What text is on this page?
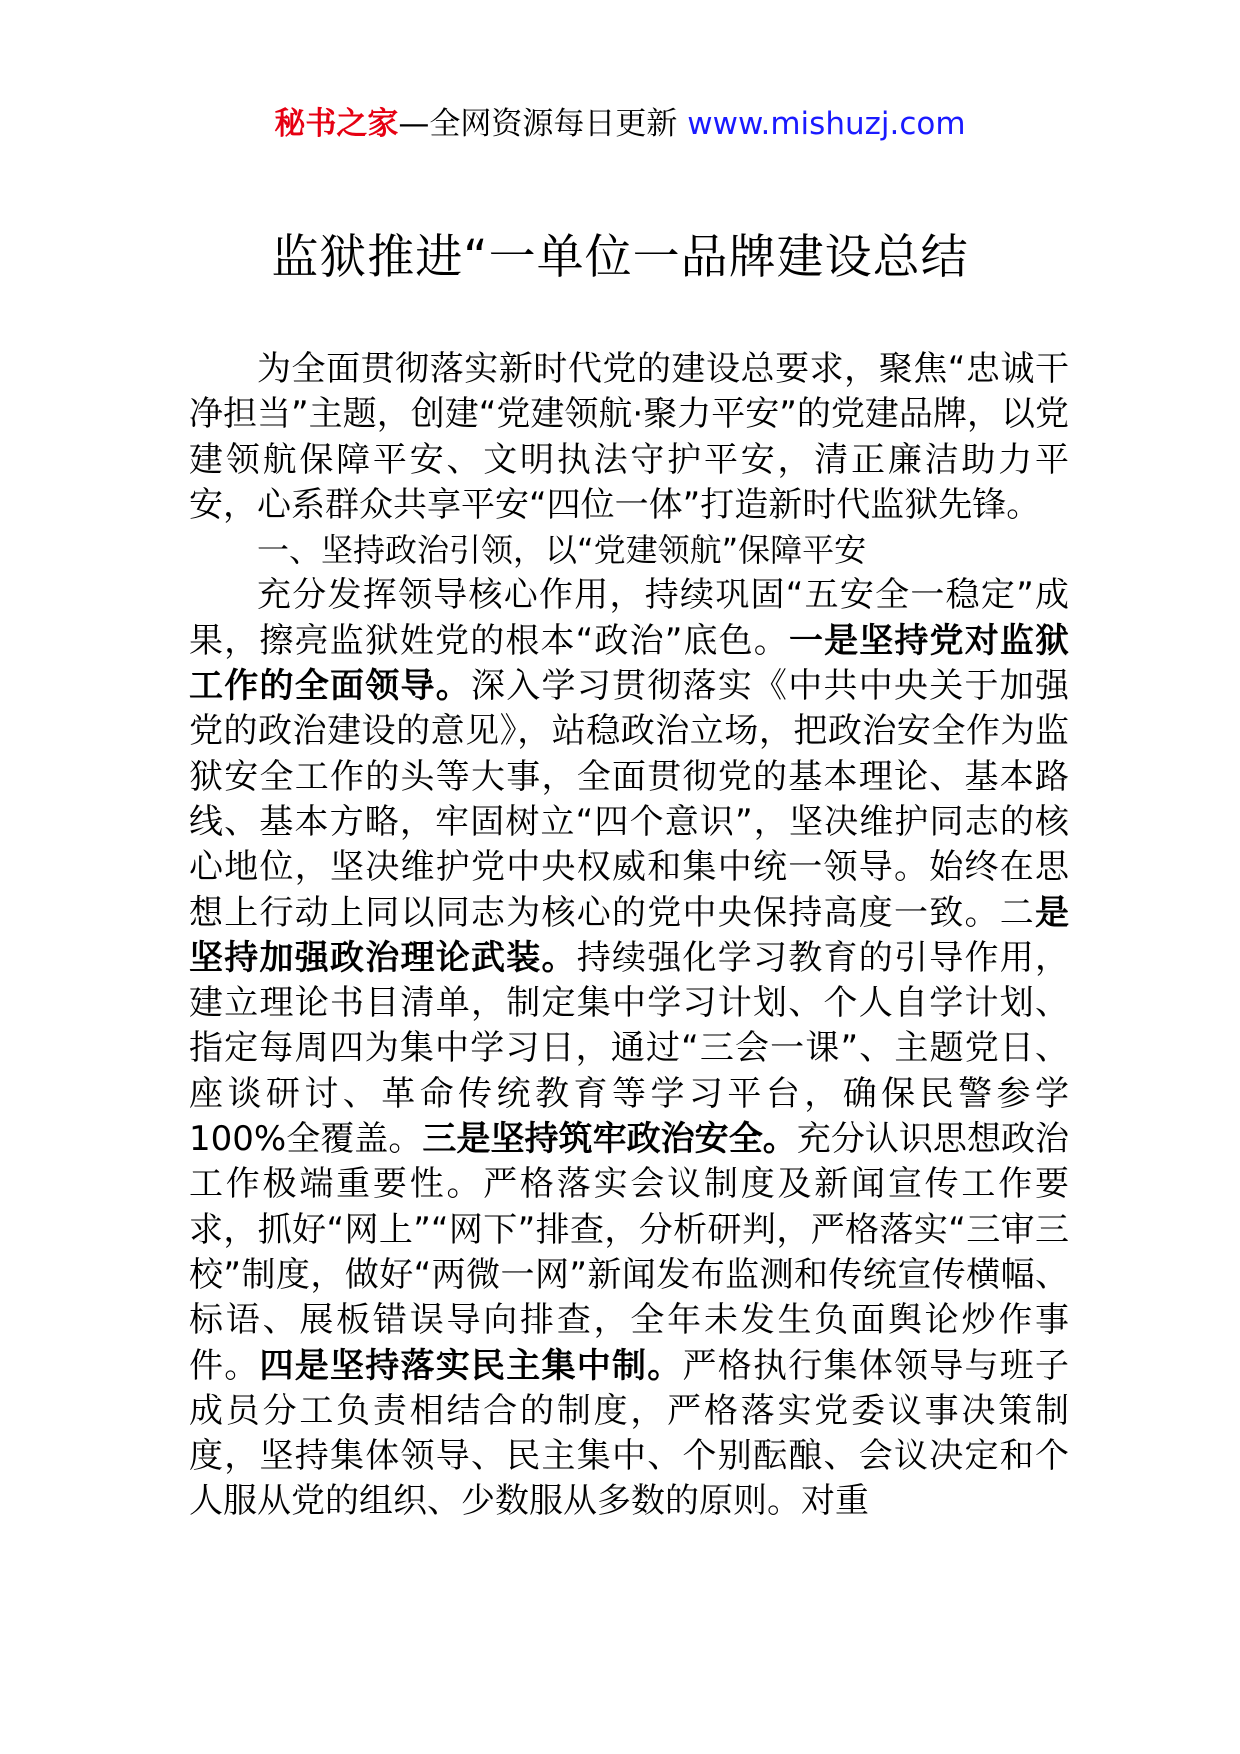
秘书之家—全网资源每日更新 www.mishuzj.com
监狱推进“一单位一品牌建设总结

为全面贯彻落实新时代党的建设总要求，聚焦“忠诚干净担当”主题，创建“党建领航·聚力平安”的党建品牌，以党建领航保障平安、文明执法守护平安，清正廉洁助力平安，心系群众共享平安“四位一体”打造新时代监狱先锋。

一、坚持政治引领，以“党建领航”保障平安

充分发挥领导核心作用，持续巩固“五安全一稳定”成果，擦亮监狱姓党的根本“政治”底色。一是坚持党对监狱工作的全面领导。深入学习贯彻落实《中共中央关于加强党的政治建设的意见》，站稳政治立场，把政治安全作为监狱安全工作的头等大事，全面贯彻党的基本理论、基本路线、基本方略，牢固树立“四个意识”，坚决维护同志的核心地位，坚决维护党中央权威和集中统一领导。始终在思想上行动上同以同志为核心的党中央保持高度一致。二是坚持加强政治理论武装。持续强化学习教育的引导作用，建立理论书目清单，制定集中学习计划、个人自学计划、指定每周四为集中学习日，通过“三会一课”、主题党日、座谈研讨、革命传统教育等学习平台，确保民警参学 100%全覆盖。三是坚持筑牢政治安全。充分认识思想政治工作极端重要性。严格落实会议制度及新闻宣传工作要求，抓好“网上”“网下”排查，分析研判，严格落实“三审三校”制度，做好“两微一网”新闻发布监测和传统宣传横幅、标语、展板错误导向排查，全年未发生负面舆论炒作事件。四是坚持落实民主集中制。严格执行集体领导与班子成员分工负责相结合的制度，严格落实党委议事决策制度，坚持集体领导、民主集中、个别酝酿、会议决定和个人服从党的组织、少数服从多数的原则。对重
